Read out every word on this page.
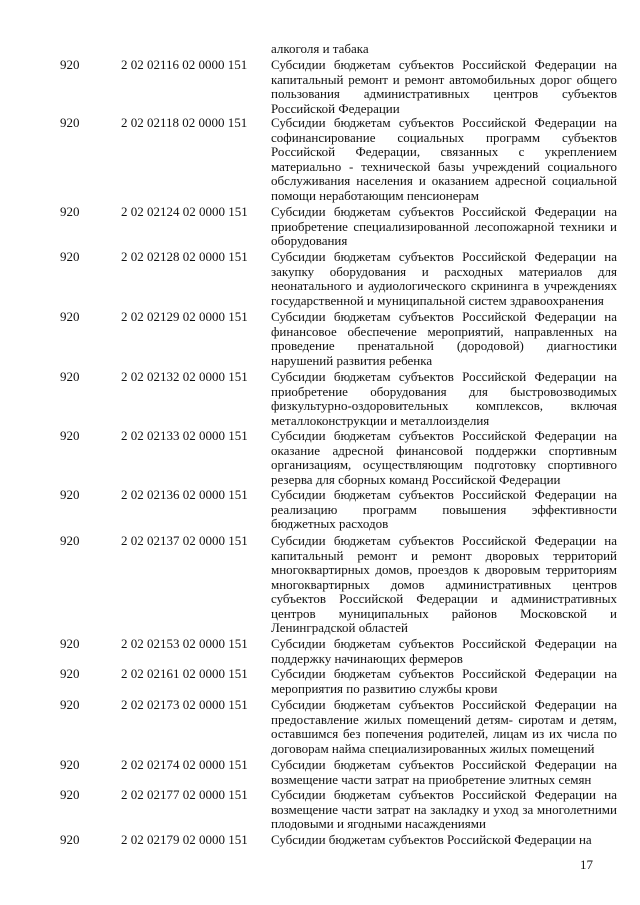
алкоголя и табака
920	2 02 02116 02 0000 151 Субсидии бюджетам субъектов Российской Федерации на капитальный ремонт и ремонт автомобильных дорог общего пользования административных центров субъектов Российской Федерации
920	2 02 02118 02 0000 151 Субсидии бюджетам субъектов Российской Федерации на софинансирование социальных программ субъектов Российской Федерации, связанных с укреплением материально - технической базы учреждений социального обслуживания населения и оказанием адресной социальной помощи неработающим пенсионерам
920	2 02 02124 02 0000 151 Субсидии бюджетам субъектов Российской Федерации на приобретение специализированной лесопожарной техники и оборудования
920	2 02 02128 02 0000 151 Субсидии бюджетам субъектов Российской Федерации на закупку оборудования и расходных материалов для неонатального и аудиологического скрининга в учреждениях государственной и муниципальной систем здравоохранения
920	2 02 02129 02 0000 151 Субсидии бюджетам субъектов Российской Федерации на финансовое обеспечение мероприятий, направленных на проведение пренатальной (дородовой) диагностики нарушений развития ребенка
920	2 02 02132 02 0000 151 Субсидии бюджетам субъектов Российской Федерации на приобретение оборудования для быстровозводимых физкультурно-оздоровительных комплексов, включая металлоконструкции и металлоизделия
920	2 02 02133 02 0000 151 Субсидии бюджетам субъектов Российской Федерации на оказание адресной финансовой поддержки спортивным организациям, осуществляющим подготовку спортивного резерва для сборных команд Российской Федерации
920	2 02 02136 02 0000 151 Субсидии бюджетам субъектов Российской Федерации на реализацию программ повышения эффективности бюджетных расходов
920	2 02 02137 02 0000 151 Субсидии бюджетам субъектов Российской Федерации на капитальный ремонт и ремонт дворовых территорий многоквартирных домов, проездов к дворовым территориям многоквартирных домов административных центров субъектов Российской Федерации и административных центров муниципальных районов Московской и Ленинградской областей
920	2 02 02153 02 0000 151 Субсидии бюджетам субъектов Российской Федерации на поддержку начинающих фермеров
920	2 02 02161 02 0000 151 Субсидии бюджетам субъектов Российской Федерации на мероприятия по развитию службы крови
920	2 02 02173 02 0000 151 Субсидии бюджетам субъектов Российской Федерации на предоставление жилых помещений детям- сиротам и детям, оставшимся без попечения родителей, лицам из их числа по договорам найма специализированных жилых помещений
920	2 02 02174 02 0000 151 Субсидии бюджетам субъектов Российской Федерации на возмещение части затрат на приобретение элитных семян
920	2 02 02177 02 0000 151 Субсидии бюджетам субъектов Российской Федерации на возмещение части затрат на закладку и уход за многолетними плодовыми и ягодными насаждениями
920	2 02 02179 02 0000 151 Субсидии бюджетам субъектов Российской Федерации на
17
